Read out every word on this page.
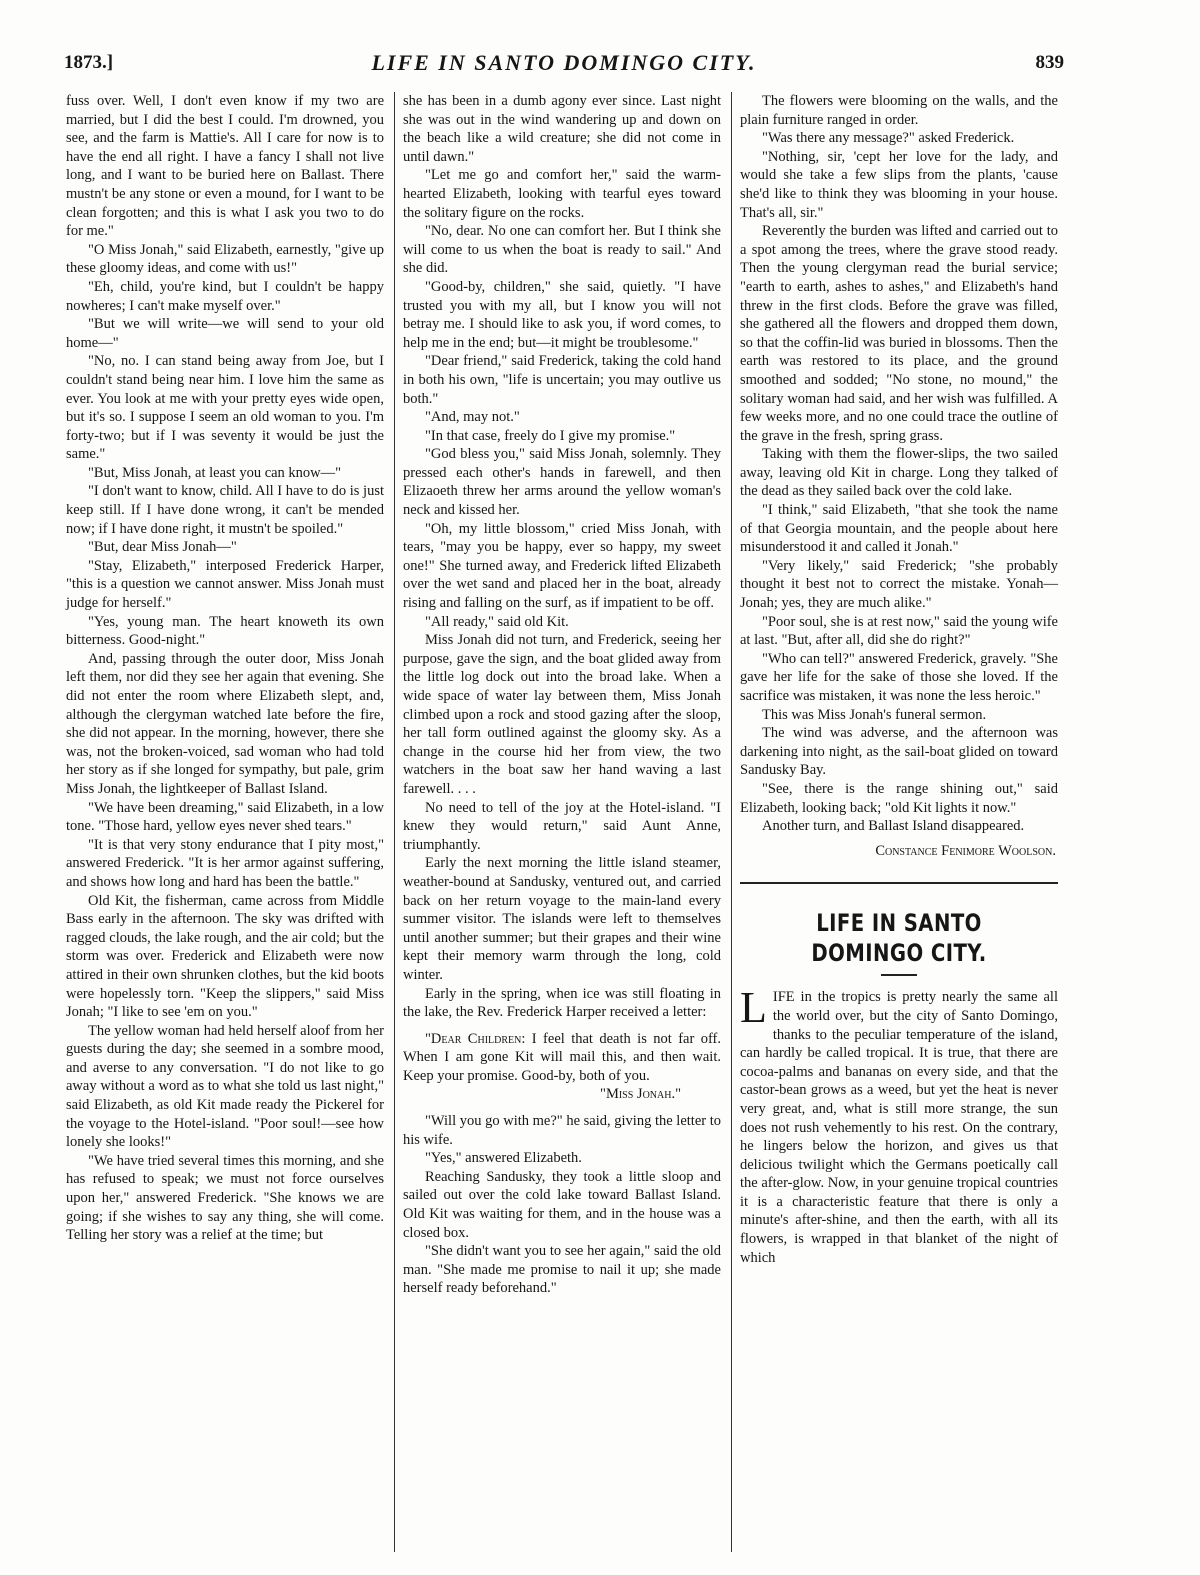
1873.]	LIFE IN SANTO DOMINGO CITY.	839

fuss over. Well, I don't even know if my two are married, but I did the best I could. I'm drowned, you see, and the farm is Mattie's. All I care for now is to have the end all right. I have a fancy I shall not live long, and I want to be buried here on Ballast. There mustn't be any stone or even a mound, for I want to be clean forgotten; and this is what I ask you two to do for me."

"O Miss Jonah," said Elizabeth, earnestly, "give up these gloomy ideas, and come with us!"

"Eh, child, you're kind, but I couldn't be happy nowheres; I can't make myself over."

"But we will write—we will send to your old home—"

"No, no. I can stand being away from Joe, but I couldn't stand being near him. I love him the same as ever. You look at me with your pretty eyes wide open, but it's so. I suppose I seem an old woman to you. I'm forty-two; but if I was seventy it would be just the same."

"But, Miss Jonah, at least you can know—"

"I don't want to know, child. All I have to do is just keep still. If I have done wrong, it can't be mended now; if I have done right, it mustn't be spoiled."

"But, dear Miss Jonah—"

"Stay, Elizabeth," interposed Frederick Harper, "this is a question we cannot answer. Miss Jonah must judge for herself."

"Yes, young man. The heart knoweth its own bitterness. Good-night."

And, passing through the outer door, Miss Jonah left them, nor did they see her again that evening. She did not enter the room where Elizabeth slept, and, although the clergyman watched late before the fire, she did not appear. In the morning, however, there she was, not the broken-voiced, sad woman who had told her story as if she longed for sympathy, but pale, grim Miss Jonah, the lightkeeper of Ballast Island.

"We have been dreaming," said Elizabeth, in a low tone. "Those hard, yellow eyes never shed tears."

"It is that very stony endurance that I pity most," answered Frederick. "It is her armor against suffering, and shows how long and hard has been the battle."

Old Kit, the fisherman, came across from Middle Bass early in the afternoon. The sky was drifted with ragged clouds, the lake rough, and the air cold; but the storm was over. Frederick and Elizabeth were now attired in their own shrunken clothes, but the kid boots were hopelessly torn. "Keep the slippers," said Miss Jonah; "I like to see 'em on you."

The yellow woman had held herself aloof from her guests during the day; she seemed in a sombre mood, and averse to any conversation. "I do not like to go away without a word as to what she told us last night," said Elizabeth, as old Kit made ready the Pickerel for the voyage to the Hotel-island. "Poor soul!—see how lonely she looks!"

"We have tried several times this morning, and she has refused to speak; we must not force ourselves upon her," answered Frederick. "She knows we are going; if she wishes to say any thing, she will come. Telling her story was a relief at the time; but

she has been in a dumb agony ever since. Last night she was out in the wind wandering up and down on the beach like a wild creature; she did not come in until dawn."

"Let me go and comfort her," said the warm-hearted Elizabeth, looking with tearful eyes toward the solitary figure on the rocks.

"No, dear. No one can comfort her. But I think she will come to us when the boat is ready to sail." And she did.

"Good-by, children," she said, quietly. "I have trusted you with my all, but I know you will not betray me. I should like to ask you, if word comes, to help me in the end; but—it might be troublesome."

"Dear friend," said Frederick, taking the cold hand in both his own, "life is uncertain; you may outlive us both."

"And, may not."

"In that case, freely do I give my promise."

"God bless you," said Miss Jonah, solemnly. They pressed each other's hands in farewell, and then Elizaoeth threw her arms around the yellow woman's neck and kissed her.

"Oh, my little blossom," cried Miss Jonah, with tears, "may you be happy, ever so happy, my sweet one!" She turned away, and Frederick lifted Elizabeth over the wet sand and placed her in the boat, already rising and falling on the surf, as if impatient to be off.

"All ready," said old Kit.

Miss Jonah did not turn, and Frederick, seeing her purpose, gave the sign, and the boat glided away from the little log dock out into the broad lake. When a wide space of water lay between them, Miss Jonah climbed upon a rock and stood gazing after the sloop, her tall form outlined against the gloomy sky. As a change in the course hid her from view, the two watchers in the boat saw her hand waving a last farewell. . . .

No need to tell of the joy at the Hotel-island. "I knew they would return," said Aunt Anne, triumphantly.

Early the next morning the little island steamer, weather-bound at Sandusky, ventured out, and carried back on her return voyage to the main-land every summer visitor. The islands were left to themselves until another summer; but their grapes and their wine kept their memory warm through the long, cold winter.

Early in the spring, when ice was still floating in the lake, the Rev. Frederick Harper received a letter:

"Dear Children: I feel that death is not far off. When I am gone Kit will mail this, and then wait. Keep your promise. Good-by, both of you.

"Miss Jonah."

"Will you go with me?" he said, giving the letter to his wife.

"Yes," answered Elizabeth.

Reaching Sandusky, they took a little sloop and sailed out over the cold lake toward Ballast Island. Old Kit was waiting for them, and in the house was a closed box.

"She didn't want you to see her again," said the old man. "She made me promise to nail it up; she made herself ready beforehand."

The flowers were blooming on the walls, and the plain furniture ranged in order.

"Was there any message?" asked Frederick.

"Nothing, sir, 'cept her love for the lady, and would she take a few slips from the plants, 'cause she'd like to think they was blooming in your house. That's all, sir."

Reverently the burden was lifted and carried out to a spot among the trees, where the grave stood ready. Then the young clergyman read the burial service; "earth to earth, ashes to ashes," and Elizabeth's hand threw in the first clods. Before the grave was filled, she gathered all the flowers and dropped them down, so that the coffin-lid was buried in blossoms. Then the earth was restored to its place, and the ground smoothed and sodded; "No stone, no mound," the solitary woman had said, and her wish was fulfilled. A few weeks more, and no one could trace the outline of the grave in the fresh, spring grass.

Taking with them the flower-slips, the two sailed away, leaving old Kit in charge. Long they talked of the dead as they sailed back over the cold lake.

"I think," said Elizabeth, "that she took the name of that Georgia mountain, and the people about here misunderstood it and called it Jonah."

"Very likely," said Frederick; "she probably thought it best not to correct the mistake. Yonah—Jonah; yes, they are much alike."

"Poor soul, she is at rest now," said the young wife at last. "But, after all, did she do right?"

"Who can tell?" answered Frederick, gravely. "She gave her life for the sake of those she loved. If the sacrifice was mistaken, it was none the less heroic."

This was Miss Jonah's funeral sermon.

The wind was adverse, and the afternoon was darkening into night, as the sail-boat glided on toward Sandusky Bay.

"See, there is the range shining out," said Elizabeth, looking back; "old Kit lights it now."

Another turn, and Ballast Island disappeared.

Constance Fenimore Woolson.
LIFE IN SANTO DOMINGO CITY.

LIFE in the tropics is pretty nearly the same all the world over, but the city of Santo Domingo, thanks to the peculiar temperature of the island, can hardly be called tropical. It is true, that there are cocoa-palms and bananas on every side, and that the castor-bean grows as a weed, but yet the heat is never very great, and, what is still more strange, the sun does not rush vehemently to his rest. On the contrary, he lingers below the horizon, and gives us that delicious twilight which the Germans poetically call the after-glow. Now, in your genuine tropical countries it is a characteristic feature that there is only a minute's after-shine, and then the earth, with all its flowers, is wrapped in that blanket of the night of which
